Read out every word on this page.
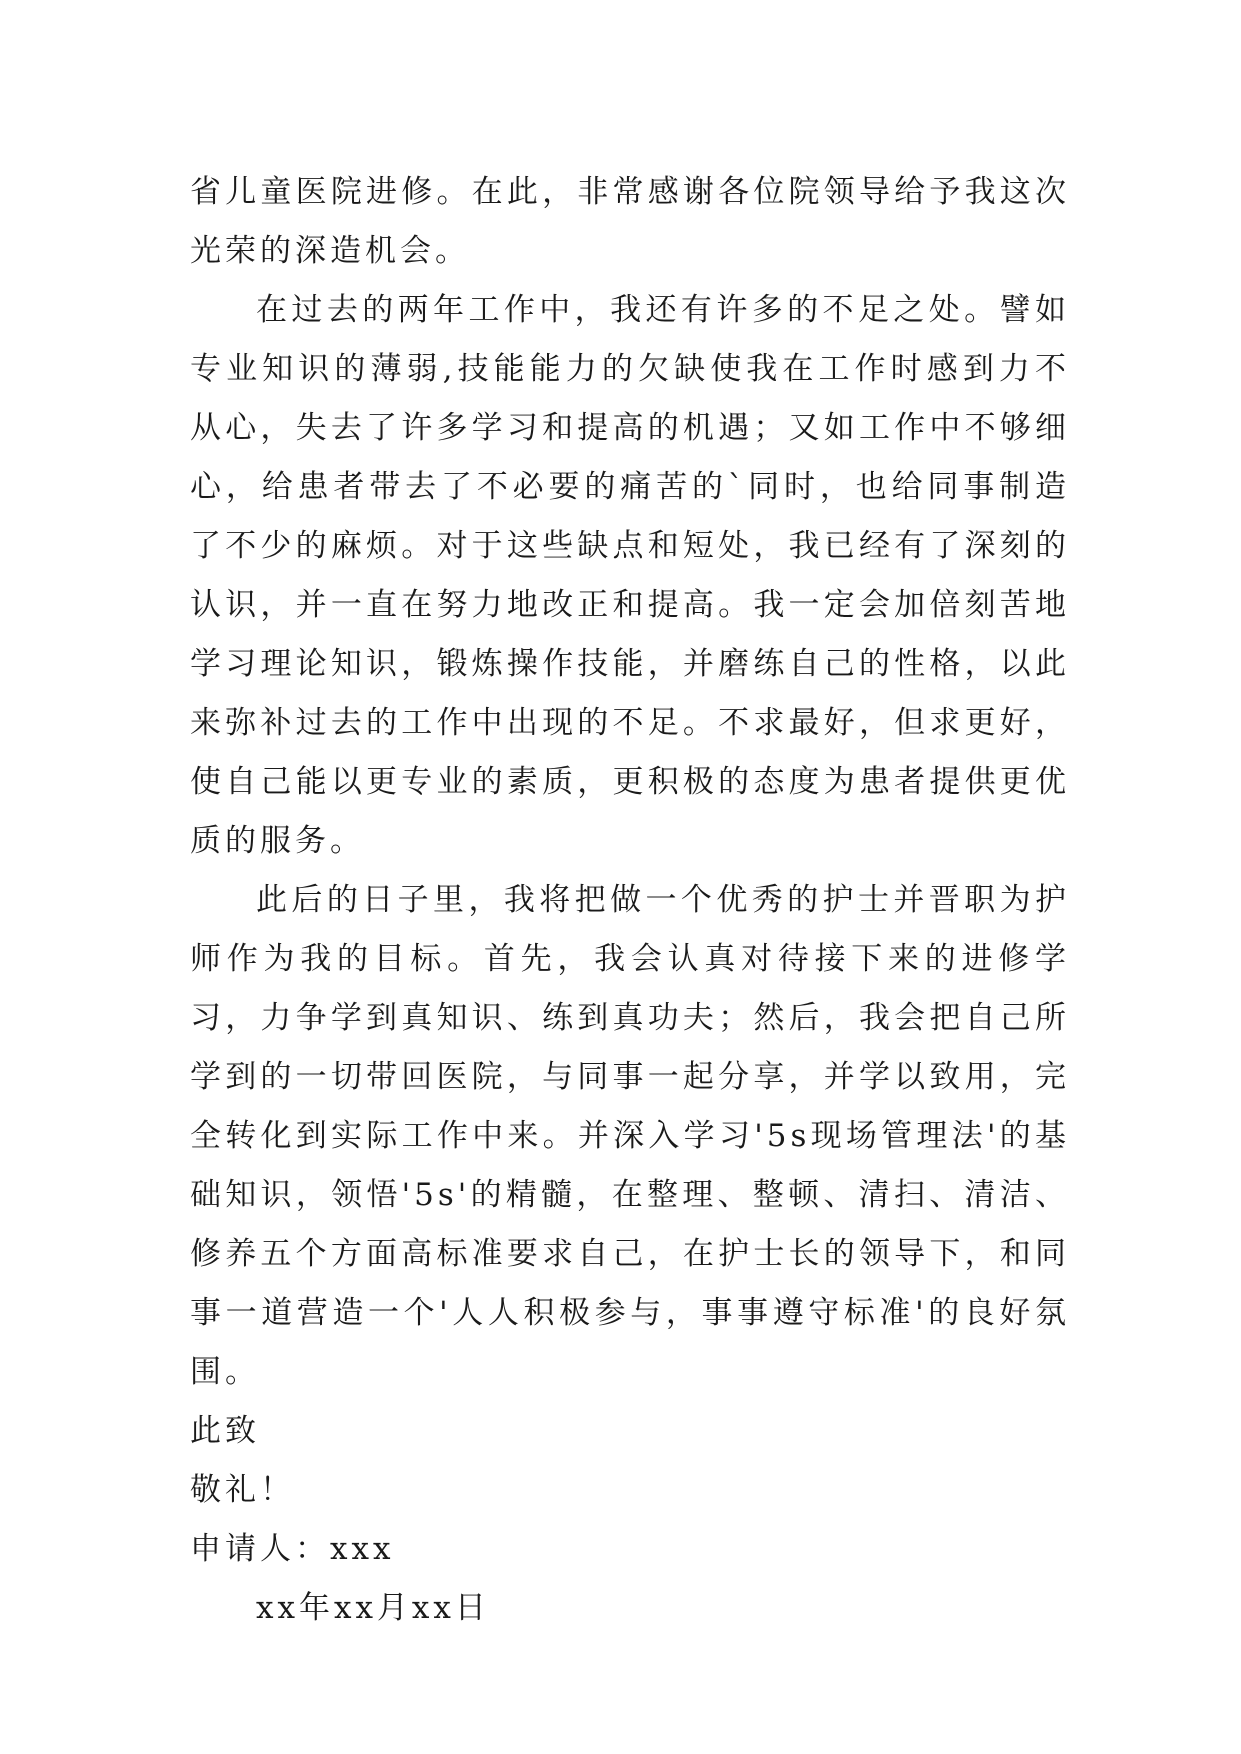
省儿童医院进修。在此，非常感谢各位院领导给予我这次光荣的深造机会。

在过去的两年工作中，我还有许多的不足之处。譬如专业知识的薄弱,技能能力的欠缺使我在工作时感到力不从心，失去了许多学习和提高的机遇；又如工作中不够细心，给患者带去了不必要的痛苦的`同时，也给同事制造了不少的麻烦。对于这些缺点和短处，我已经有了深刻的认识，并一直在努力地改正和提高。我一定会加倍刻苦地学习理论知识，锻炼操作技能，并磨练自己的性格，以此来弥补过去的工作中出现的不足。不求最好，但求更好，使自己能以更专业的素质，更积极的态度为患者提供更优质的服务。

此后的日子里，我将把做一个优秀的护士并晋职为护师作为我的目标。首先，我会认真对待接下来的进修学习，力争学到真知识、练到真功夫；然后，我会把自己所学到的一切带回医院，与同事一起分享，并学以致用，完全转化到实际工作中来。并深入学习'5s现场管理法'的基础知识，领悟'5s'的精髓，在整理、整顿、清扫、清洁、修养五个方面高标准要求自己，在护士长的领导下，和同事一道营造一个'人人积极参与，事事遵守标准'的良好氛围。

此致

敬礼！

申请人：xxx

xx年xx月xx日
